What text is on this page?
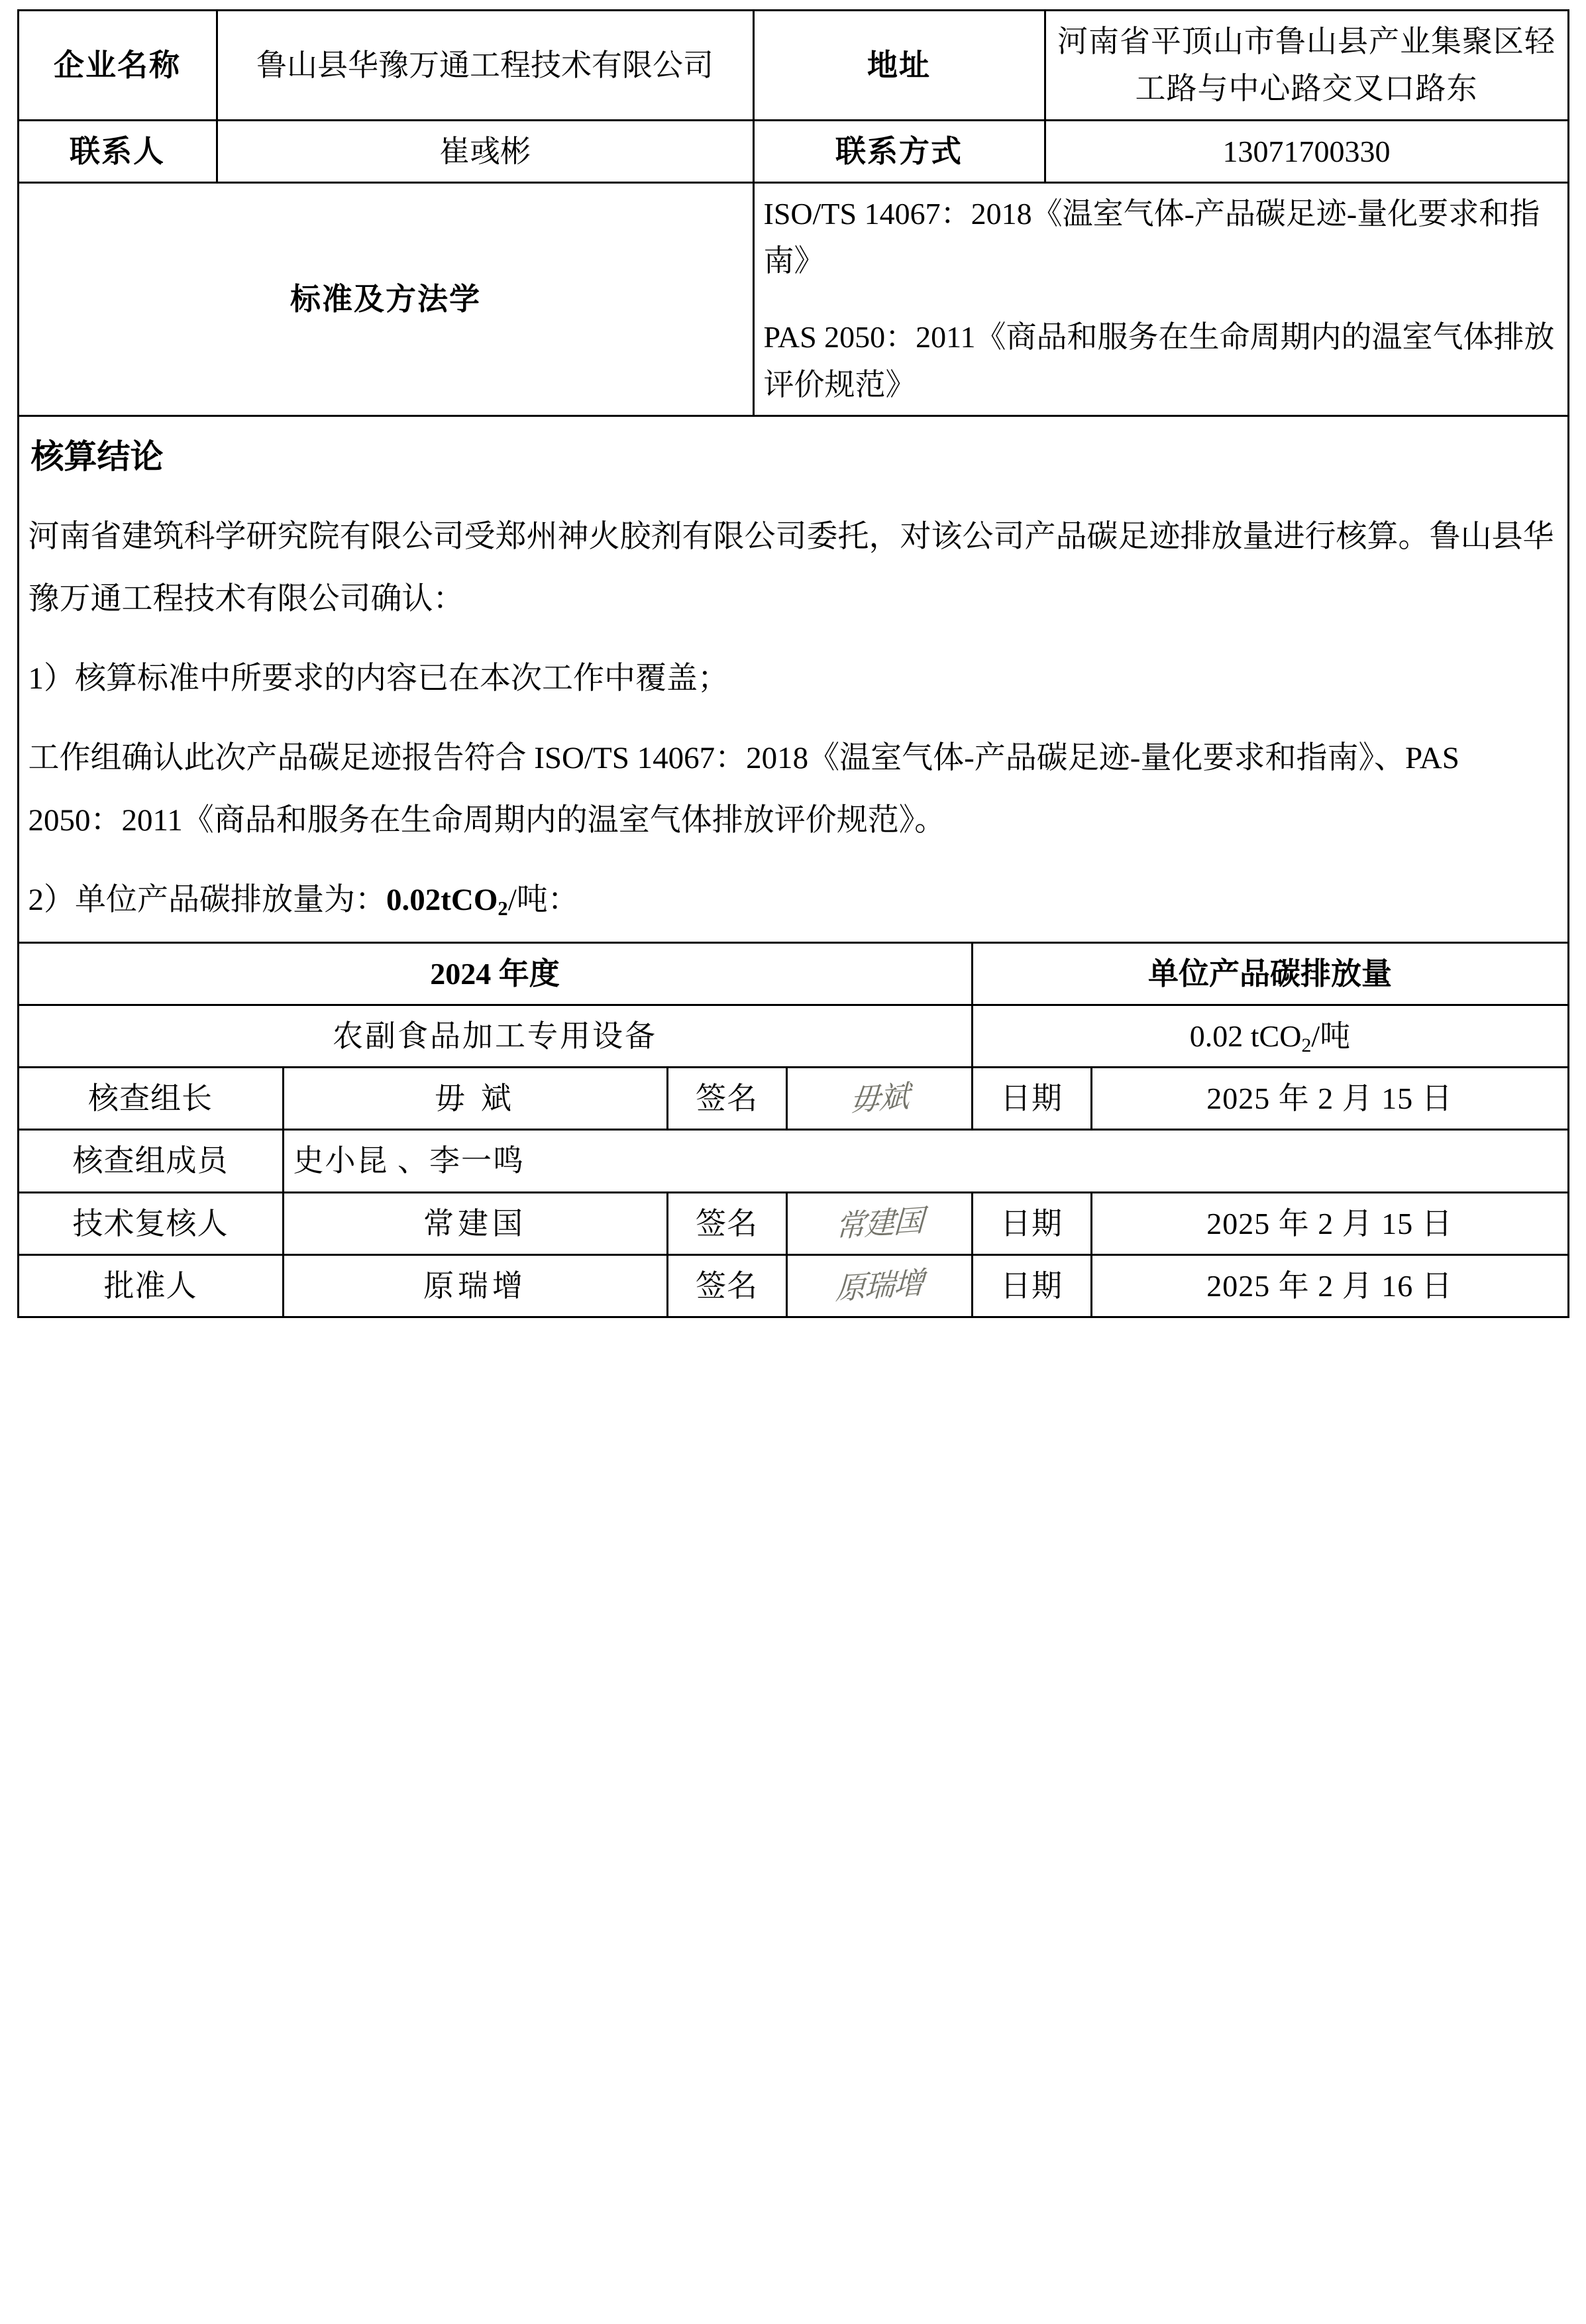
企业名称	鲁山县华豫万通工程技术有限公司	地址	河南省平顶山市鲁山县产业集聚区轻工路与中心路交叉口路东
联系人	崔彧彬	联系方式	13071700330
标准及方法学		ISO/TS 14067：2018《温室气体-产品碳足迹-量化要求和指南》

PAS 2050：2011《商品和服务在生命周期内的温室气体排放评价规范》	

核算结论

河南省建筑科学研究院有限公司受郑州神火胶剂有限公司委托，对该公司产品碳足迹排放量进行核算。鲁山县华豫万通工程技术有限公司确认：

1）核算标准中所要求的内容已在本次工作中覆盖；

工作组确认此次产品碳足迹报告符合 ISO/TS 14067：2018《温室气体-产品碳足迹-量化要求和指南》、PAS 2050：2011《商品和服务在生命周期内的温室气体排放评价规范》。

2）单位产品碳排放量为：0.02tCO$_2$/吨：			

2024 年度				单位产品碳排放量	
农副食品加工专用设备				0.02 tCO$_2$/吨	
核查组长	毋 斌	签名	毋斌	日期	2025 年 2 月 15 日
核查组成员	史小昆 、李一鸣				
技术复核人	常建国	签名	常建国	日期	2025 年 2 月 15 日
批准人	原瑞增	签名	原瑞增	日期	2025 年 2 月 16 日
